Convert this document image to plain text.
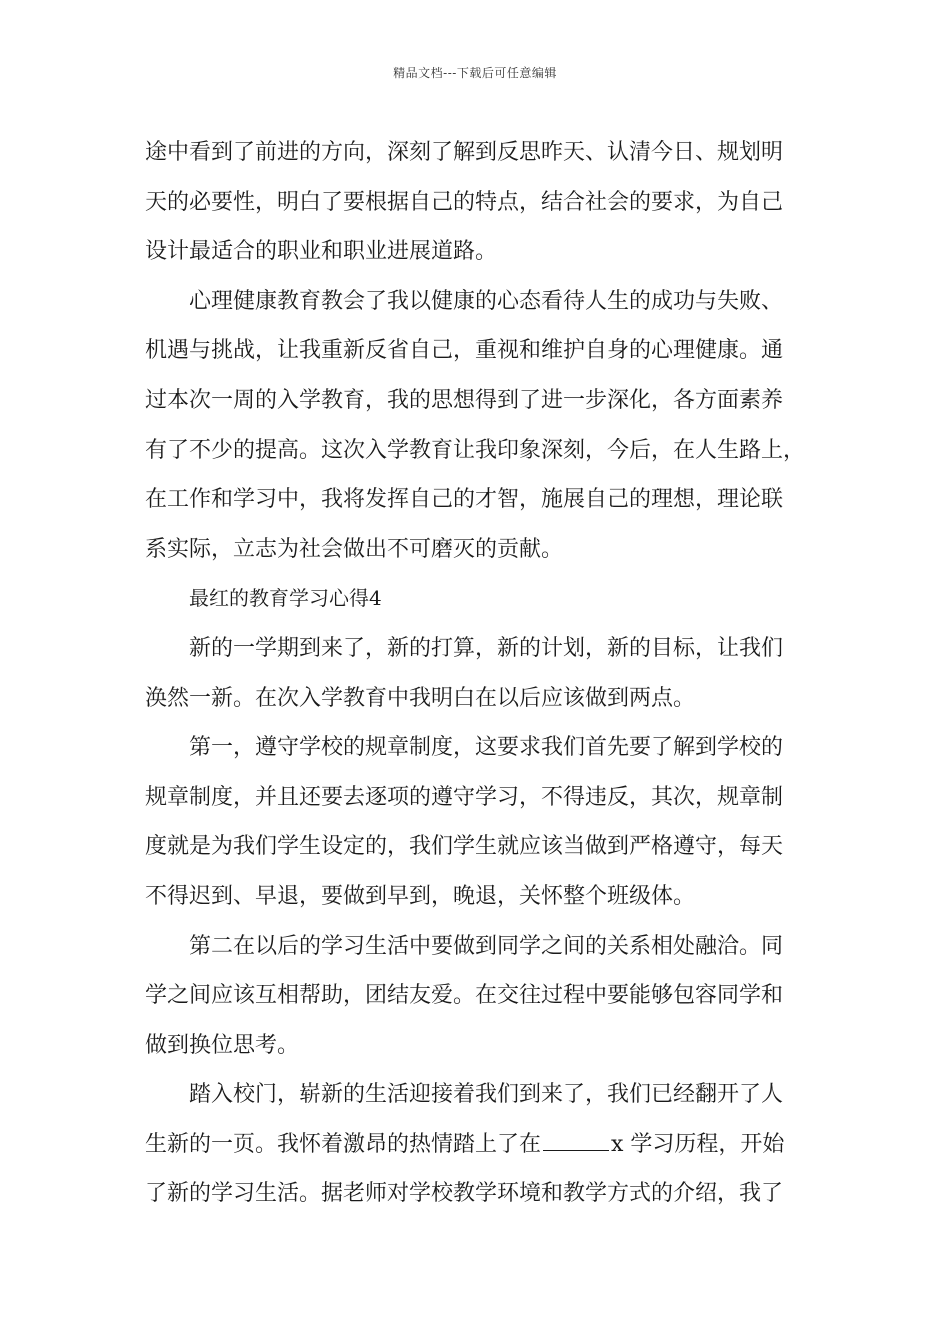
精品文档---下载后可任意编辑
途中看到了前进的方向，深刻了解到反思昨天、认清今日、规划明
天的必要性，明白了要根据自己的特点，结合社会的要求，为自己
设计最适合的职业和职业进展道路。
心理健康教育教会了我以健康的心态看待人生的成功与失败、
机遇与挑战，让我重新反省自己，重视和维护自身的心理健康。通
过本次一周的入学教育，我的思想得到了进一步深化，各方面素养
有了不少的提高。这次入学教育让我印象深刻，今后，在人生路上，
在工作和学习中，我将发挥自己的才智，施展自己的理想，理论联
系实际，立志为社会做出不可磨灭的贡献。
最红的教育学习心得4
新的一学期到来了，新的打算，新的计划，新的目标，让我们
涣然一新。在次入学教育中我明白在以后应该做到两点。
第一，遵守学校的规章制度，这要求我们首先要了解到学校的
规章制度，并且还要去逐项的遵守学习，不得违反，其次，规章制
度就是为我们学生设定的，我们学生就应该当做到严格遵守，每天
不得迟到、早退，要做到早到，晚退，关怀整个班级体。
第二在以后的学习生活中要做到同学之间的关系相处融洽。同
学之间应该互相帮助，团结友爱。在交往过程中要能够包容同学和
做到换位思考。
踏入校门，崭新的生活迎接着我们到来了，我们已经翻开了人
生新的一页。我怀着激昂的热情踏上了在	x 学习历程，开始
了新的学习生活。据老师对学校教学环境和教学方式的介绍，我了
